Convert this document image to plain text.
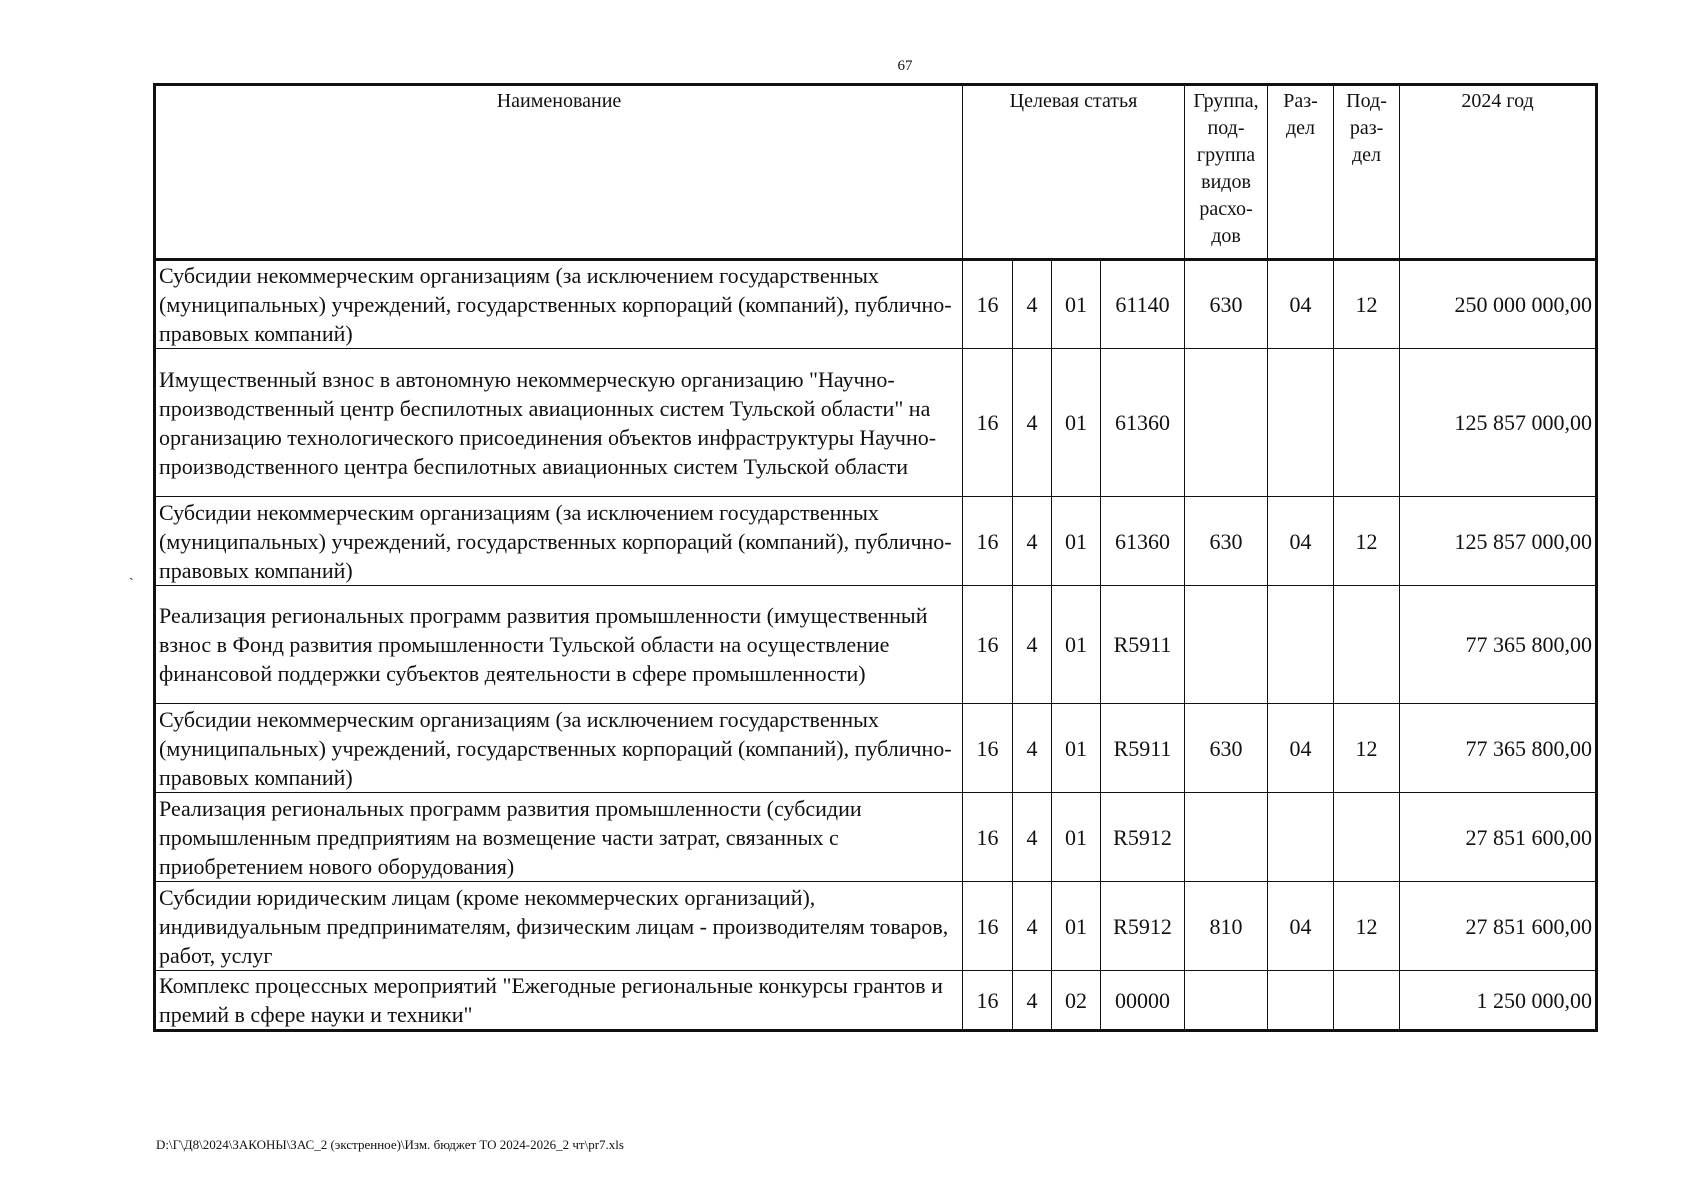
67
ˏ
Наименование	Целевая статья				Группа, под- группа видов расхо- дов	Раз- дел	Под- раз- дел	2024 год
Субсидии некоммерческим организациям (за исключением государственных (муниципальных) учреждений, государственных корпораций (компаний), публично-правовых компаний)	16	4	01	61140	630	04	12	250 000 000,00
Имущественный взнос в автономную некоммерческую организацию "Научно-производственный центр беспилотных авиационных систем Тульской области" на организацию технологического присоединения объектов инфраструктуры Научно-производственного центра беспилотных авиационных систем Тульской области	16	4	01	61360				125 857 000,00
Субсидии некоммерческим организациям (за исключением государственных (муниципальных) учреждений, государственных корпораций (компаний), публично-правовых компаний)	16	4	01	61360	630	04	12	125 857 000,00
Реализация региональных программ развития промышленности (имущественный взнос в Фонд развития промышленности Тульской области на осуществление финансовой поддержки субъектов деятельности в сфере промышленности)	16	4	01	R5911				77 365 800,00
Субсидии некоммерческим организациям (за исключением государственных (муниципальных) учреждений, государственных корпораций (компаний), публично-правовых компаний)	16	4	01	R5911	630	04	12	77 365 800,00
Реализация региональных программ развития промышленности (субсидии промышленным предприятиям на возмещение части затрат, связанных с приобретением нового оборудования)	16	4	01	R5912				27 851 600,00
Субсидии юридическим лицам (кроме некоммерческих организаций), индивидуальным предпринимателям, физическим лицам - производителям товаров, работ, услуг	16	4	01	R5912	810	04	12	27 851 600,00
Комплекс процессных мероприятий "Ежегодные региональные конкурсы грантов и премий в сфере науки и техники"	16	4	02	00000				1 250 000,00
D:\Г\Д8\2024\ЗАКОНЫ\ЗАС_2 (экстренное)\Изм. бюджет ТО 2024-2026_2 чт\pr7.xls
